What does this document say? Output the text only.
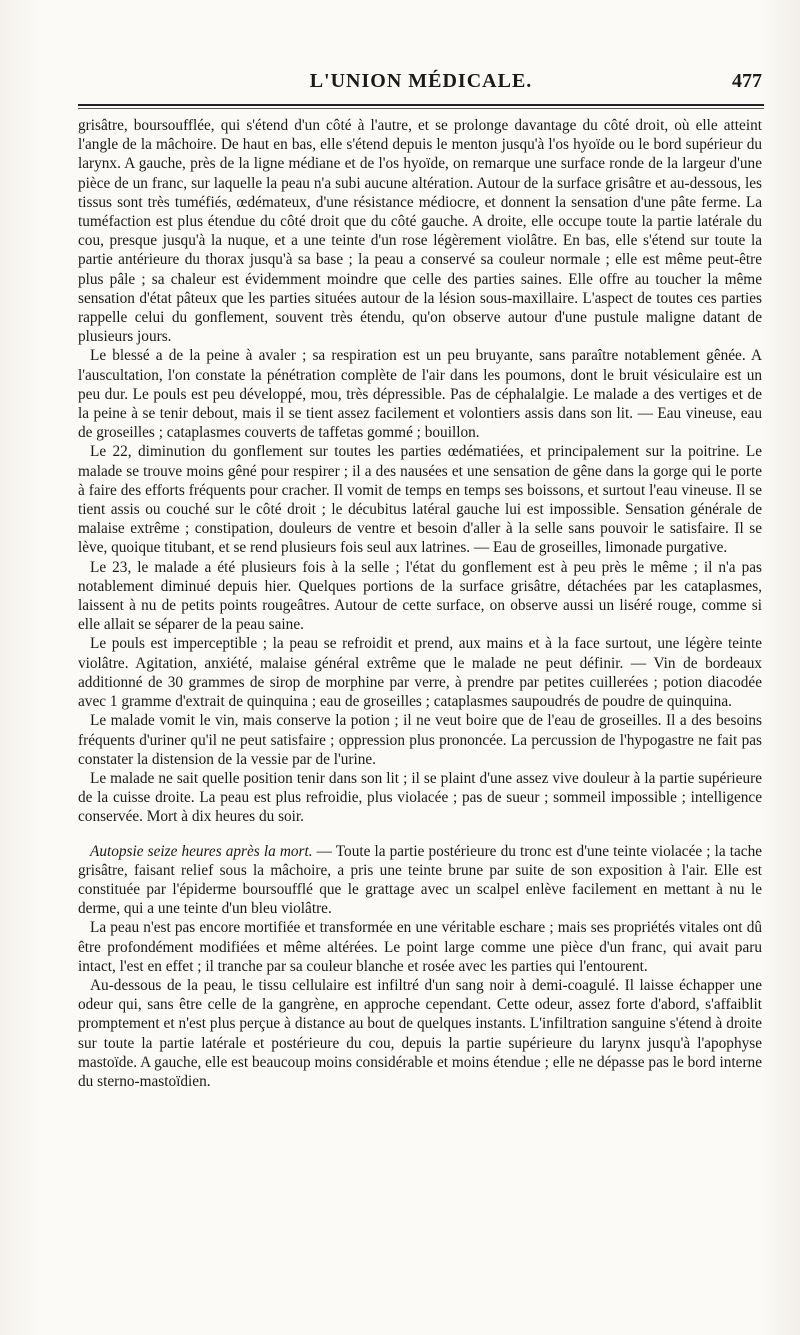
L'UNION MÉDICALE.	477

grisâtre, boursoufflée, qui s'étend d'un côté à l'autre, et se prolonge davantage du côté droit, où elle atteint l'angle de la mâchoire. De haut en bas, elle s'étend depuis le menton jusqu'à l'os hyoïde ou le bord supérieur du larynx. A gauche, près de la ligne médiane et de l'os hyoïde, on remarque une surface ronde de la largeur d'une pièce de un franc, sur laquelle la peau n'a subi aucune altération. Autour de la surface grisâtre et au-dessous, les tissus sont très tuméfiés, œdémateux, d'une résistance médiocre, et donnent la sensation d'une pâte ferme. La tuméfaction est plus étendue du côté droit que du côté gauche. A droite, elle occupe toute la partie latérale du cou, presque jusqu'à la nuque, et a une teinte d'un rose légèrement violâtre. En bas, elle s'étend sur toute la partie antérieure du thorax jusqu'à sa base ; la peau a conservé sa couleur normale ; elle est même peut-être plus pâle ; sa chaleur est évidemment moindre que celle des parties saines. Elle offre au toucher la même sensation d'état pâteux que les parties situées autour de la lésion sous-maxillaire. L'aspect de toutes ces parties rappelle celui du gonflement, souvent très étendu, qu'on observe autour d'une pustule maligne datant de plusieurs jours.

Le blessé a de la peine à avaler ; sa respiration est un peu bruyante, sans paraître notablement gênée. A l'auscultation, l'on constate la pénétration complète de l'air dans les poumons, dont le bruit vésiculaire est un peu dur. Le pouls est peu développé, mou, très dépressible. Pas de céphalalgie. Le malade a des vertiges et de la peine à se tenir debout, mais il se tient assez facilement et volontiers assis dans son lit. — Eau vineuse, eau de groseilles ; cataplasmes couverts de taffetas gommé ; bouillon.

Le 22, diminution du gonflement sur toutes les parties œdématiées, et principalement sur la poitrine. Le malade se trouve moins gêné pour respirer ; il a des nausées et une sensation de gêne dans la gorge qui le porte à faire des efforts fréquents pour cracher. Il vomit de temps en temps ses boissons, et surtout l'eau vineuse. Il se tient assis ou couché sur le côté droit ; le décubitus latéral gauche lui est impossible. Sensation générale de malaise extrême ; constipation, douleurs de ventre et besoin d'aller à la selle sans pouvoir le satisfaire. Il se lève, quoique titubant, et se rend plusieurs fois seul aux latrines. — Eau de groseilles, limonade purgative.

Le 23, le malade a été plusieurs fois à la selle ; l'état du gonflement est à peu près le même ; il n'a pas notablement diminué depuis hier. Quelques portions de la surface grisâtre, détachées par les cataplasmes, laissent à nu de petits points rougeâtres. Autour de cette surface, on observe aussi un liséré rouge, comme si elle allait se séparer de la peau saine.

Le pouls est imperceptible ; la peau se refroidit et prend, aux mains et à la face surtout, une légère teinte violâtre. Agitation, anxiété, malaise général extrême que le malade ne peut définir. — Vin de bordeaux additionné de 30 grammes de sirop de morphine par verre, à prendre par petites cuillerées ; potion diacodée avec 1 gramme d'extrait de quinquina ; eau de groseilles ; cataplasmes saupoudrés de poudre de quinquina.

Le malade vomit le vin, mais conserve la potion ; il ne veut boire que de l'eau de groseilles. Il a des besoins fréquents d'uriner qu'il ne peut satisfaire ; oppression plus prononcée. La percussion de l'hypogastre ne fait pas constater la distension de la vessie par de l'urine.

Le malade ne sait quelle position tenir dans son lit ; il se plaint d'une assez vive douleur à la partie supérieure de la cuisse droite. La peau est plus refroidie, plus violacée ; pas de sueur ; sommeil impossible ; intelligence conservée. Mort à dix heures du soir.

Autopsie seize heures après la mort. — Toute la partie postérieure du tronc est d'une teinte violacée ; la tache grisâtre, faisant relief sous la mâchoire, a pris une teinte brune par suite de son exposition à l'air. Elle est constituée par l'épiderme boursoufflé que le grattage avec un scalpel enlève facilement en mettant à nu le derme, qui a une teinte d'un bleu violâtre.

La peau n'est pas encore mortifiée et transformée en une véritable eschare ; mais ses propriétés vitales ont dû être profondément modifiées et même altérées. Le point large comme une pièce d'un franc, qui avait paru intact, l'est en effet ; il tranche par sa couleur blanche et rosée avec les parties qui l'entourent.

Au-dessous de la peau, le tissu cellulaire est infiltré d'un sang noir à demi-coagulé. Il laisse échapper une odeur qui, sans être celle de la gangrène, en approche cependant. Cette odeur, assez forte d'abord, s'affaiblit promptement et n'est plus perçue à distance au bout de quelques instants. L'infiltration sanguine s'étend à droite sur toute la partie latérale et postérieure du cou, depuis la partie supérieure du larynx jusqu'à l'apophyse mastoïde. A gauche, elle est beaucoup moins considérable et moins étendue ; elle ne dépasse pas le bord interne du sterno-mastoïdien.
